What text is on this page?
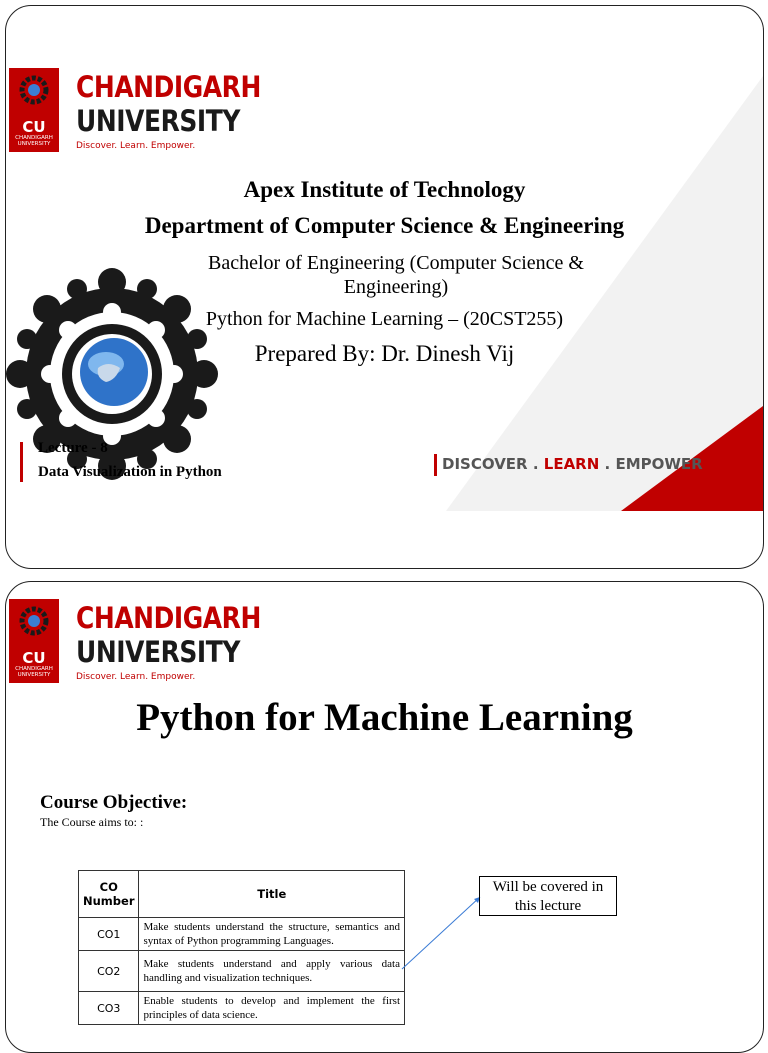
CU
CHANDIGARH UNIVERSITY
CHANDIGARH
UNIVERSITY
Discover. Learn. Empower.
Apex Institute of Technology
Department of Computer Science & Engineering
Bachelor of Engineering (Computer Science & Engineering)
Python for Machine Learning – (20CST255)
Prepared By: Dr. Dinesh Vij
Lecture - 8
Data Visualization in Python	DISCOVER . LEARN . EMPOWER
CU
CHANDIGARH UNIVERSITY
CHANDIGARH
UNIVERSITY
Discover. Learn. Empower.
Python for Machine Learning
Course Objective:
The Course aims to: :
CO Number	Title
CO1	Make students understand the structure, semantics and syntax of Python programming Languages.
CO2	Make students understand and apply various data handling and visualization techniques.
CO3	Enable students to develop and implement the first principles of data science.
Will be covered in this lecture
